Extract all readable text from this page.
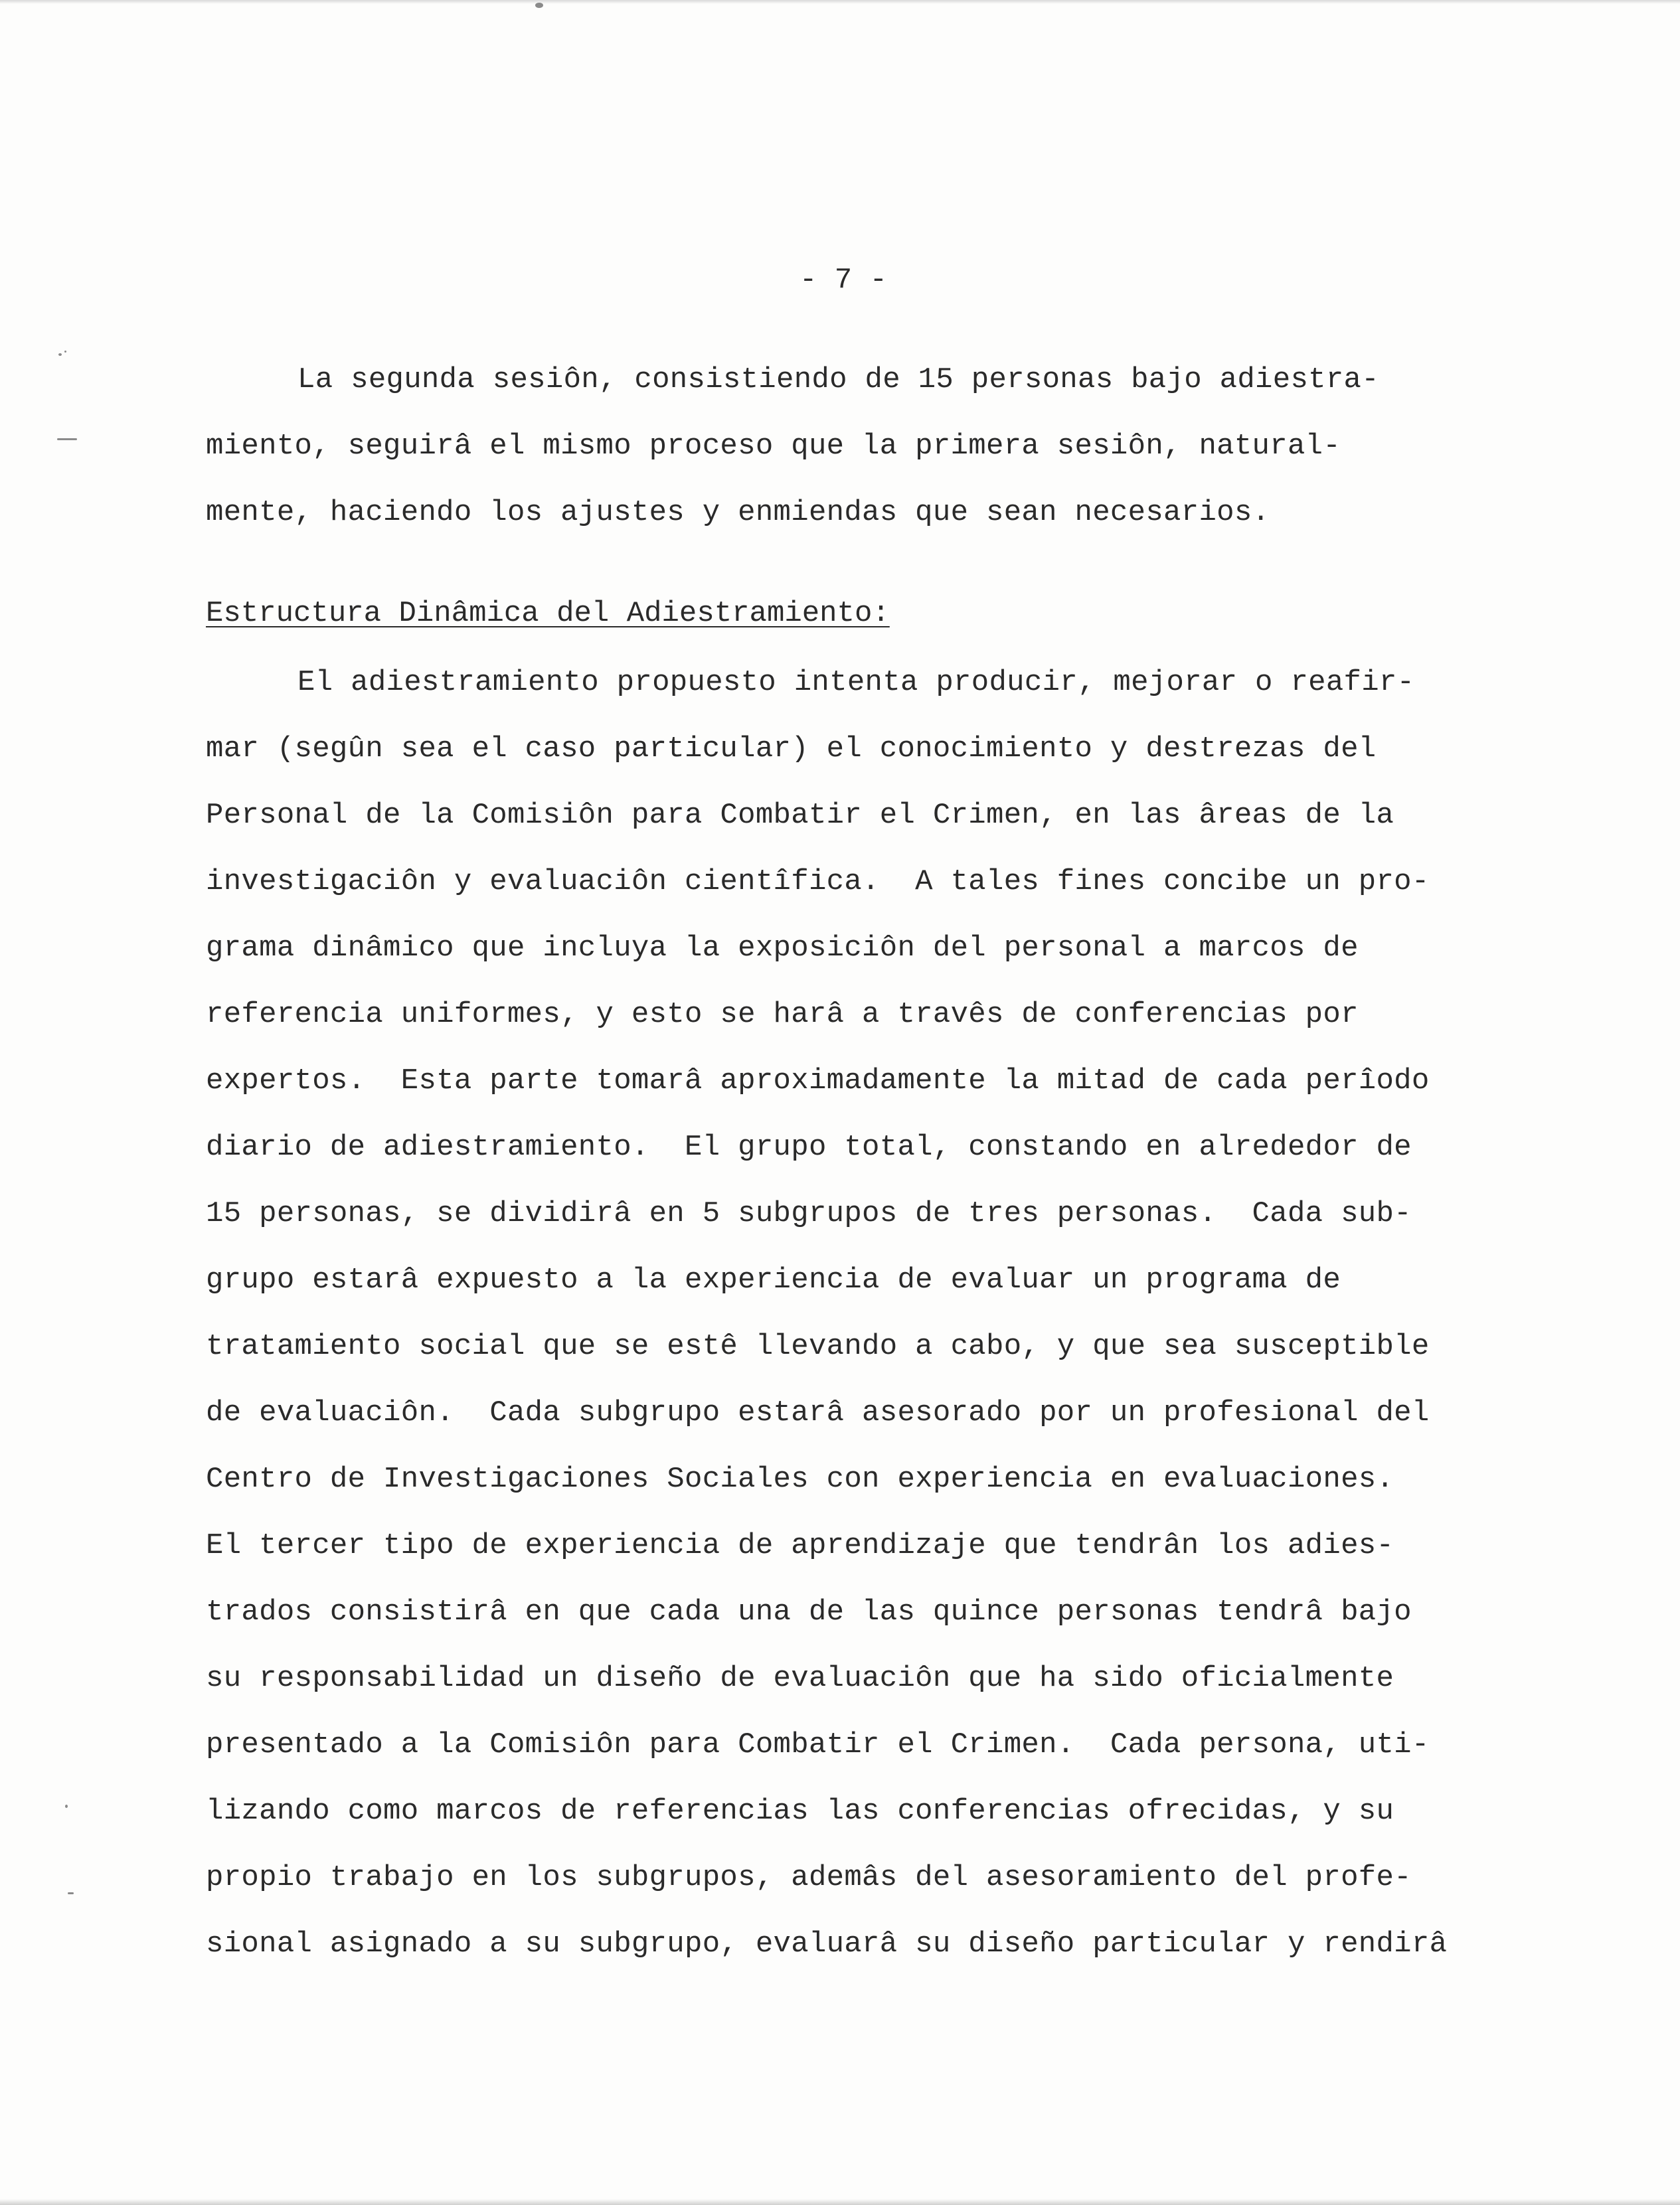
- 7 -
La segunda sesiôn, consistiendo de 15 personas bajo adiestra-
miento, seguirâ el mismo proceso que la primera sesiôn, natural-
mente, haciendo los ajustes y enmiendas que sean necesarios.
Estructura Dinâmica del Adiestramiento:
El adiestramiento propuesto intenta producir, mejorar o reafir-
mar (segûn sea el caso particular) el conocimiento y destrezas del
Personal de la Comisiôn para Combatir el Crimen, en las âreas de la
investigaciôn y evaluaciôn cientîfica.  A tales fines concibe un pro-
grama dinâmico que incluya la exposiciôn del personal a marcos de
referencia uniformes, y esto se harâ a travês de conferencias por
expertos.  Esta parte tomarâ aproximadamente la mitad de cada perîodo
diario de adiestramiento.  El grupo total, constando en alrededor de
15 personas, se dividirâ en 5 subgrupos de tres personas.  Cada sub-
grupo estarâ expuesto a la experiencia de evaluar un programa de
tratamiento social que se estê llevando a cabo, y que sea susceptible
de evaluaciôn.  Cada subgrupo estarâ asesorado por un profesional del
Centro de Investigaciones Sociales con experiencia en evaluaciones.
El tercer tipo de experiencia de aprendizaje que tendrân los adies-
trados consistirâ en que cada una de las quince personas tendrâ bajo
su responsabilidad un diseño de evaluaciôn que ha sido oficialmente
presentado a la Comisiôn para Combatir el Crimen.  Cada persona, uti-
lizando como marcos de referencias las conferencias ofrecidas, y su
propio trabajo en los subgrupos, ademâs del asesoramiento del profe-
sional asignado a su subgrupo, evaluarâ su diseño particular y rendirâ
